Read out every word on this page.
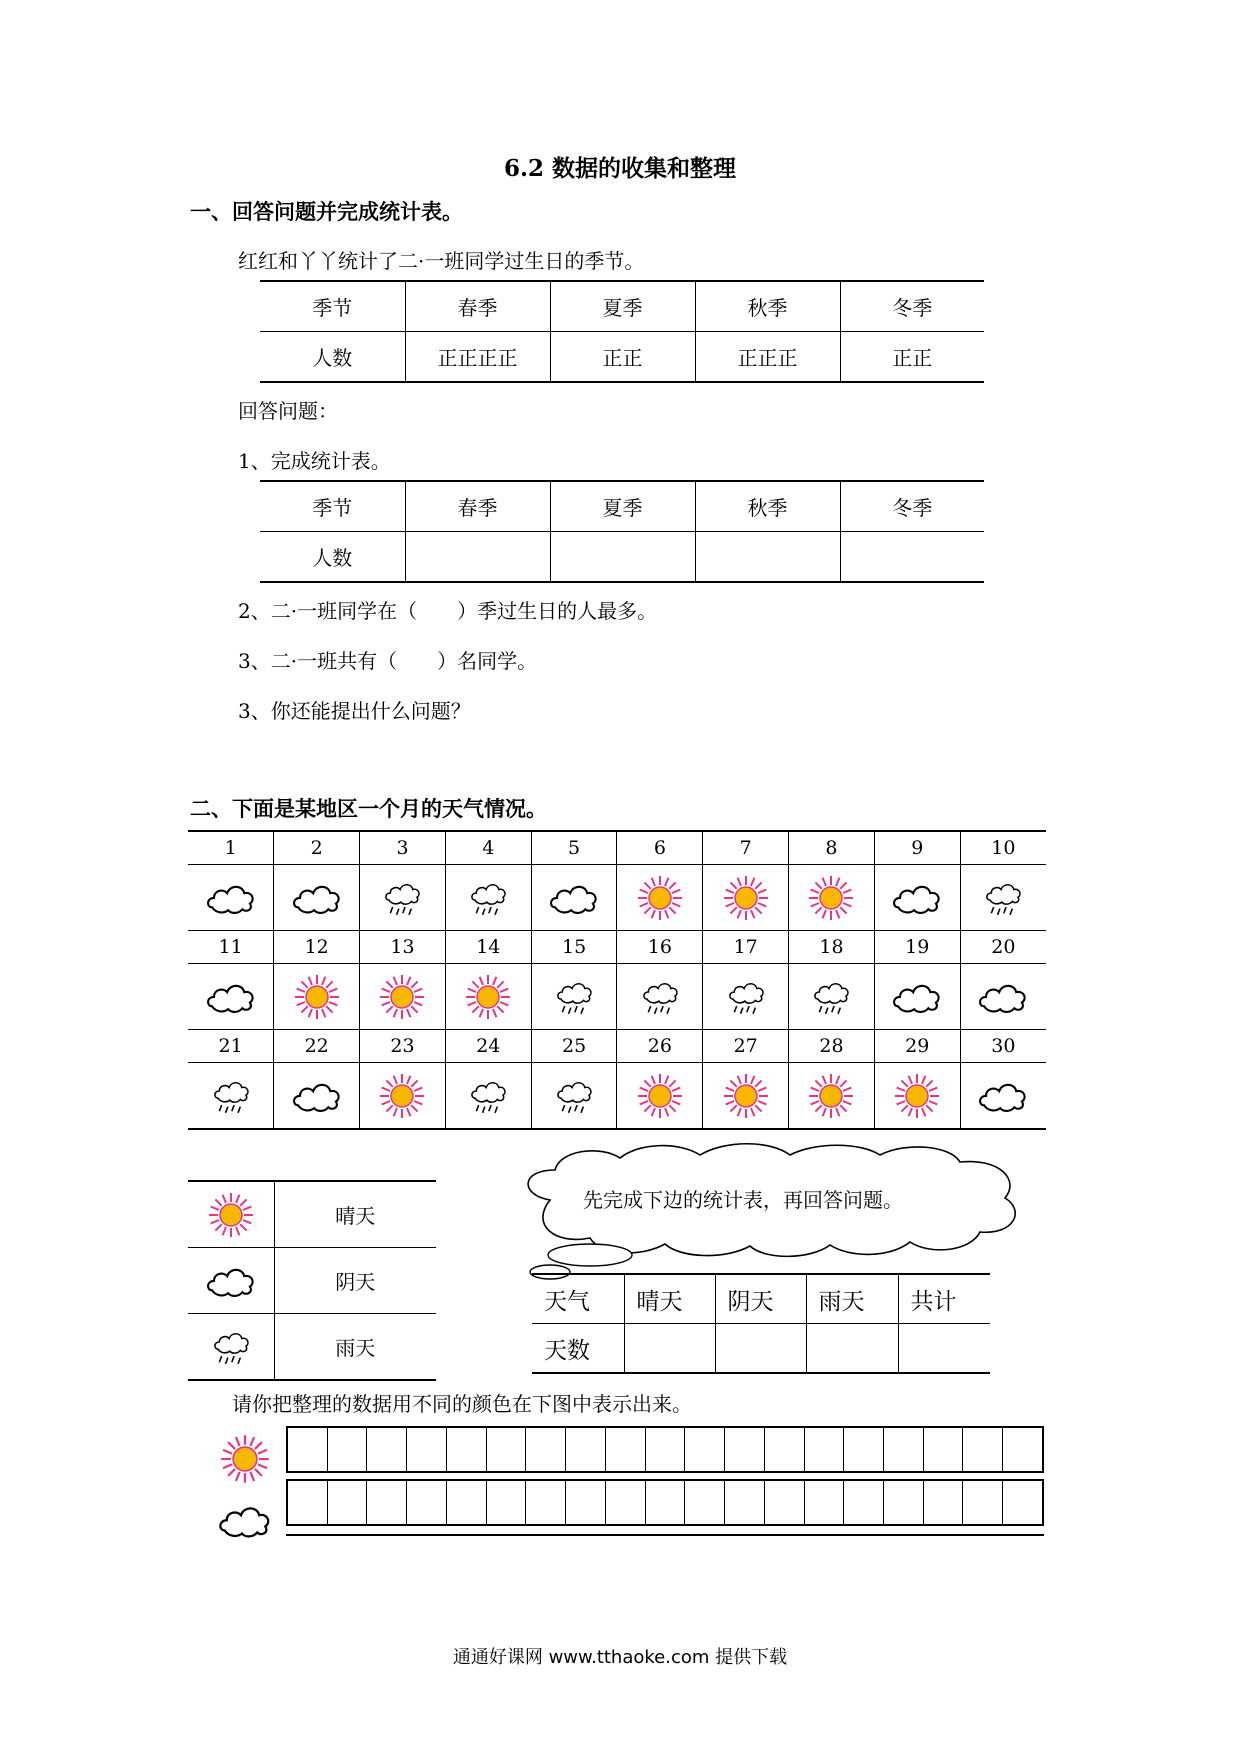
6.2 数据的收集和整理
一、回答问题并完成统计表。
红红和丫丫统计了二·一班同学过生日的季节。
季节	春季	夏季	秋季	冬季
人数	正正正正	正正	正正正	正正
回答问题：
1、完成统计表。
季节	春季	夏季	秋季	冬季
人数				
2、二·一班同学在（　　）季过生日的人最多。
3、二·一班共有（　　）名同学。
3、你还能提出什么问题？
二、下面是某地区一个月的天气情况。
1	2	3	4	5	6	7	8	9	10

11	12	13	14	15	16	17	18	19	20

21	22	23	24	25	26	27	28	29	30

	晴天

	阴天

	雨天
先完成下边的统计表，再回答问题。
天气	晴天	阴天	雨天	共计
天数				
请你把整理的数据用不同的颜色在下图中表示出来。
通通好课网 www.tthaoke.com 提供下载
